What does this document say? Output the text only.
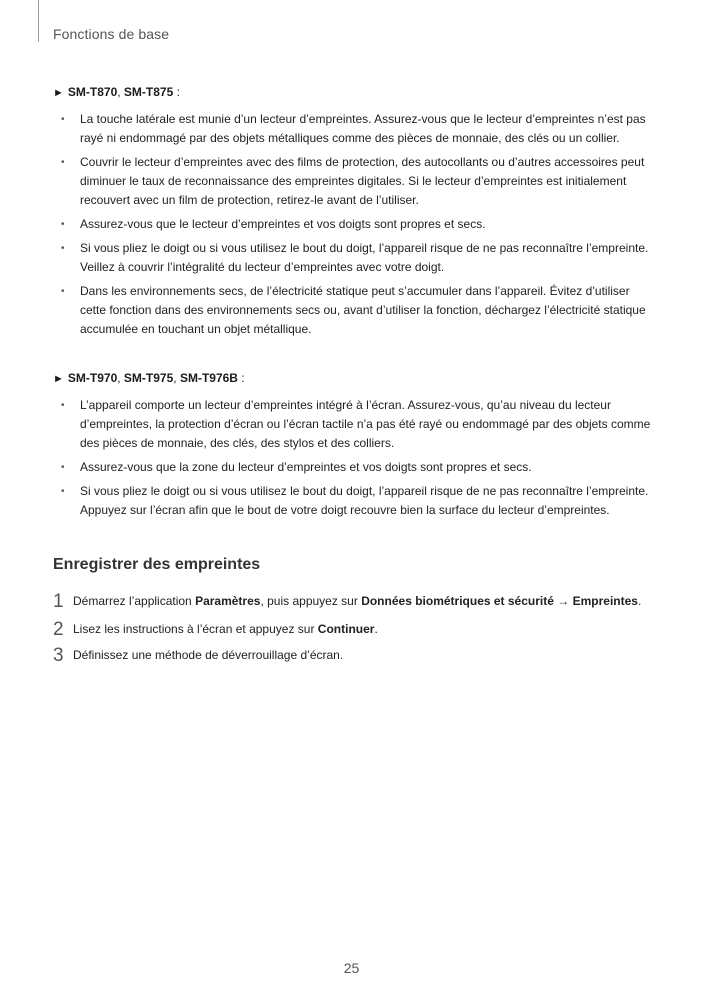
Fonctions de base
► SM-T870, SM-T875 :
• La touche latérale est munie d’un lecteur d’empreintes. Assurez-vous que le lecteur d’empreintes n’est pas rayé ni endommagé par des objets métalliques comme des pièces de monnaie, des clés ou un collier.
• Couvrir le lecteur d’empreintes avec des films de protection, des autocollants ou d’autres accessoires peut diminuer le taux de reconnaissance des empreintes digitales. Si le lecteur d’empreintes est initialement recouvert avec un film de protection, retirez-le avant de l’utiliser.
• Assurez-vous que le lecteur d’empreintes et vos doigts sont propres et secs.
• Si vous pliez le doigt ou si vous utilisez le bout du doigt, l’appareil risque de ne pas reconnaître l’empreinte. Veillez à couvrir l’intégralité du lecteur d’empreintes avec votre doigt.
• Dans les environnements secs, de l’électricité statique peut s’accumuler dans l’appareil. Évitez d’utiliser cette fonction dans des environnements secs ou, avant d’utiliser la fonction, déchargez l’électricité statique accumulée en touchant un objet métallique.
► SM-T970, SM-T975, SM-T976B :
• L’appareil comporte un lecteur d’empreintes intégré à l’écran. Assurez-vous, qu’au niveau du lecteur d’empreintes, la protection d’écran ou l’écran tactile n’a pas été rayé ou endommagé par des objets comme des pièces de monnaie, des clés, des stylos et des colliers.
• Assurez-vous que la zone du lecteur d’empreintes et vos doigts sont propres et secs.
• Si vous pliez le doigt ou si vous utilisez le bout du doigt, l’appareil risque de ne pas reconnaître l’empreinte. Appuyez sur l’écran afin que le bout de votre doigt recouvre bien la surface du lecteur d’empreintes.
Enregistrer des empreintes
1 Démarrez l’application Paramètres, puis appuyez sur Données biométriques et sécurité → Empreintes.
2 Lisez les instructions à l’écran et appuyez sur Continuer.
3 Définissez une méthode de déverrouillage d’écran.
25
